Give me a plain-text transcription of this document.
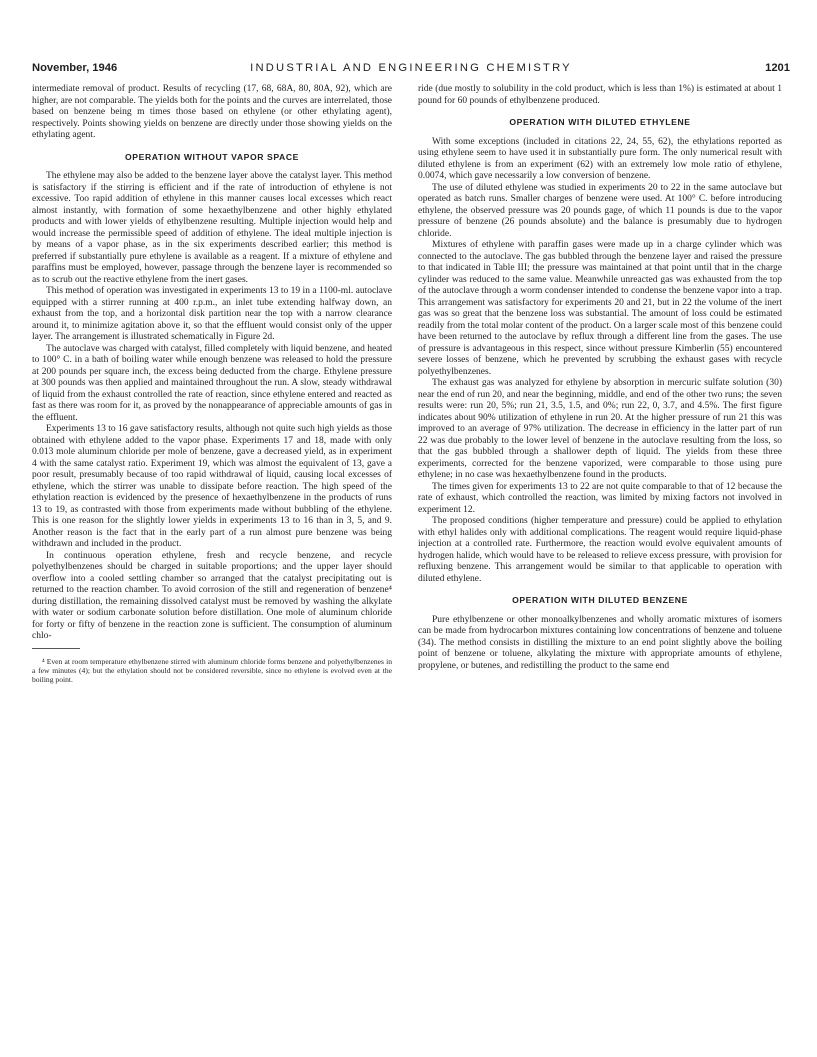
November, 1946	INDUSTRIAL AND ENGINEERING CHEMISTRY	1201

intermediate removal of product. Results of recycling (17, 68, 68A, 80, 80A, 92), which are higher, are not comparable. The yields both for the points and the curves are interrelated, those based on benzene being m times those based on ethylene (or other ethylating agent), respectively. Points showing yields on benzene are directly under those showing yields on the ethylating agent.

OPERATION WITHOUT VAPOR SPACE

The ethylene may also be added to the benzene layer above the catalyst layer. This method is satisfactory if the stirring is efficient and if the rate of introduction of ethylene is not excessive. Too rapid addition of ethylene in this manner causes local excesses which react almost instantly, with formation of some hexaethylbenzene and other highly ethylated products and with lower yields of ethylbenzene resulting. Multiple injection would help and would increase the permissible speed of addition of ethylene. The ideal multiple injection is by means of a vapor phase, as in the six experiments described earlier; this method is preferred if substantially pure ethylene is available as a reagent. If a mixture of ethylene and paraffins must be employed, however, passage through the benzene layer is recommended so as to scrub out the reactive ethylene from the inert gases.

This method of operation was investigated in experiments 13 to 19 in a 1100-ml. autoclave equipped with a stirrer running at 400 r.p.m., an inlet tube extending halfway down, an exhaust from the top, and a horizontal disk partition near the top with a narrow clearance around it, to minimize agitation above it, so that the effluent would consist only of the upper layer. The arrangement is illustrated schematically in Figure 2d.

The autoclave was charged with catalyst, filled completely with liquid benzene, and heated to 100° C. in a bath of boiling water while enough benzene was released to hold the pressure at 200 pounds per square inch, the excess being deducted from the charge. Ethylene pressure at 300 pounds was then applied and maintained throughout the run. A slow, steady withdrawal of liquid from the exhaust controlled the rate of reaction, since ethylene entered and reacted as fast as there was room for it, as proved by the nonappearance of appreciable amounts of gas in the effluent.

Experiments 13 to 16 gave satisfactory results, although not quite such high yields as those obtained with ethylene added to the vapor phase. Experiments 17 and 18, made with only 0.013 mole aluminum chloride per mole of benzene, gave a decreased yield, as in experiment 4 with the same catalyst ratio. Experiment 19, which was almost the equivalent of 13, gave a poor result, presumably because of too rapid withdrawal of liquid, causing local excesses of ethylene, which the stirrer was unable to dissipate before reaction. The high speed of the ethylation reaction is evidenced by the presence of hexaethylbenzene in the products of runs 13 to 19, as contrasted with those from experiments made without bubbling of the ethylene. This is one reason for the slightly lower yields in experiments 13 to 16 than in 3, 5, and 9. Another reason is the fact that in the early part of a run almost pure benzene was being withdrawn and included in the product.

In continuous operation ethylene, fresh and recycle benzene, and recycle polyethylbenzenes should be charged in suitable proportions; and the upper layer should overflow into a cooled settling chamber so arranged that the catalyst precipitating out is returned to the reaction chamber. To avoid corrosion of the still and regeneration of benzene⁴ during distillation, the remaining dissolved catalyst must be removed by washing the alkylate with water or sodium carbonate solution before distillation. One mole of aluminum chloride for forty or fifty of benzene in the reaction zone is sufficient. The consumption of aluminum chlo-

⁴ Even at room temperature ethylbenzene stirred with aluminum chloride forms benzene and polyethylbenzenes in a few minutes (4); but the ethylation should not be considered reversible, since no ethylene is evolved even at the boiling point.

ride (due mostly to solubility in the cold product, which is less than 1%) is estimated at about 1 pound for 60 pounds of ethylbenzene produced.

OPERATION WITH DILUTED ETHYLENE

With some exceptions (included in citations 22, 24, 55, 62), the ethylations reported as using ethylene seem to have used it in substantially pure form. The only numerical result with diluted ethylene is from an experiment (62) with an extremely low mole ratio of ethylene, 0.0074, which gave necessarily a low conversion of benzene.

The use of diluted ethylene was studied in experiments 20 to 22 in the same autoclave but operated as batch runs. Smaller charges of benzene were used. At 100° C. before introducing ethylene, the observed pressure was 20 pounds gage, of which 11 pounds is due to the vapor pressure of benzene (26 pounds absolute) and the balance is presumably due to hydrogen chloride.

Mixtures of ethylene with paraffin gases were made up in a charge cylinder which was connected to the autoclave. The gas bubbled through the benzene layer and raised the pressure to that indicated in Table III; the pressure was maintained at that point until that in the charge cylinder was reduced to the same value. Meanwhile unreacted gas was exhausted from the top of the autoclave through a worm condenser intended to condense the benzene vapor into a trap. This arrangement was satisfactory for experiments 20 and 21, but in 22 the volume of the inert gas was so great that the benzene loss was substantial. The amount of loss could be estimated readily from the total molar content of the product. On a larger scale most of this benzene could have been returned to the autoclave by reflux through a different line from the gases. The use of pressure is advantageous in this respect, since without pressure Kimberlin (55) encountered severe losses of benzene, which he prevented by scrubbing the exhaust gases with recycle polyethylbenzenes.

The exhaust gas was analyzed for ethylene by absorption in mercuric sulfate solution (30) near the end of run 20, and near the beginning, middle, and end of the other two runs; the seven results were: run 20, 5%; run 21, 3.5, 1.5, and 0%; run 22, 0, 3.7, and 4.5%. The first figure indicates about 90% utilization of ethylene in run 20. At the higher pressure of run 21 this was improved to an average of 97% utilization. The decrease in efficiency in the latter part of run 22 was due probably to the lower level of benzene in the autoclave resulting from the loss, so that the gas bubbled through a shallower depth of liquid. The yields from these three experiments, corrected for the benzene vaporized, were comparable to those using pure ethylene; in no case was hexaethylbenzene found in the products.

The times given for experiments 13 to 22 are not quite comparable to that of 12 because the rate of exhaust, which controlled the reaction, was limited by mixing factors not involved in experiment 12.

The proposed conditions (higher temperature and pressure) could be applied to ethylation with ethyl halides only with additional complications. The reagent would require liquid-phase injection at a controlled rate. Furthermore, the reaction would evolve equivalent amounts of hydrogen halide, which would have to be released to relieve excess pressure, with provision for refluxing benzene. This arrangement would be similar to that applicable to operation with diluted ethylene.

OPERATION WITH DILUTED BENZENE

Pure ethylbenzene or other monoalkylbenzenes and wholly aromatic mixtures of isomers can be made from hydrocarbon mixtures containing low concentrations of benzene and toluene (34). The method consists in distilling the mixture to an end point slightly above the boiling point of benzene or toluene, alkylating the mixture with appropriate amounts of ethylene, propylene, or butenes, and redistilling the product to the same end
